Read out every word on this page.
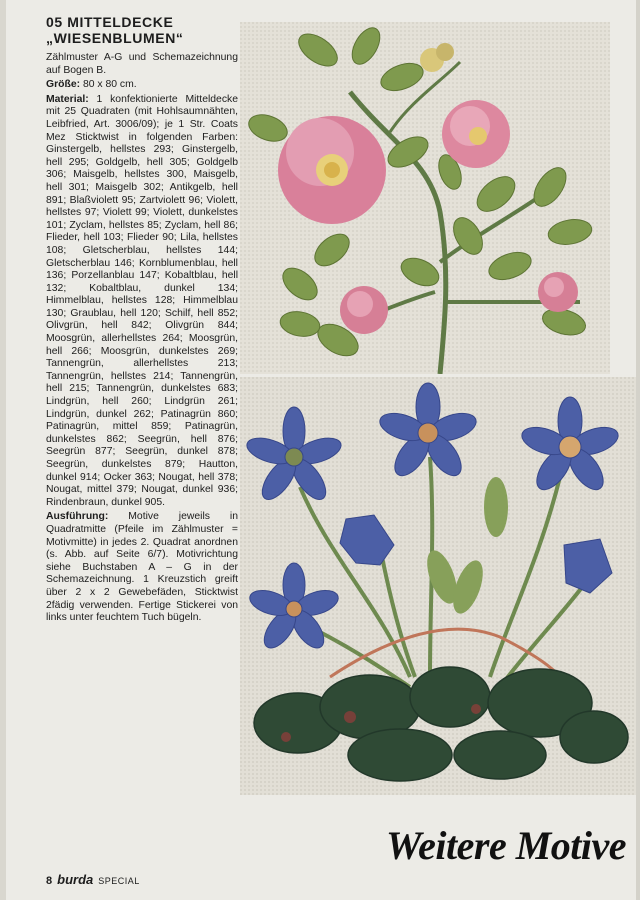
05 MITTELDECKE
„WIESENBLUMEN“

Zählmuster A-G und Schemazeichnung auf Bogen B.

Größe: 80 x 80 cm.

Material: 1 konfektionierte Mitteldecke mit 25 Quadraten (mit Hohlsaumnähten, Leibfried, Art. 3006/09); je 1 Str. Coats Mez Sticktwist in folgenden Farben: Ginstergelb, hellstes 293; Ginstergelb, hell 295; Goldgelb, hell 305; Goldgelb 306; Maisgelb, hellstes 300, Maisgelb, hell 301; Maisgelb 302; Antikgelb, hell 891; Blaßviolett 95; Zartviolett 96; Violett, hellstes 97; Violett 99; Violett, dunkelstes 101; Zyclam, hellstes 85; Zyclam, hell 86; Flieder, hell 103; Flieder 90; Lila, hellstes 108; Gletscherblau, hellstes 144; Gletscherblau 146; Kornblumenblau, hell 136; Porzellanblau 147; Kobaltblau, hell 132; Kobaltblau, dunkel 134; Himmelblau, hellstes 128; Himmelblau 130; Graublau, hell 120; Schilf, hell 852; Olivgrün, hell 842; Olivgrün 844; Moosgrün, allerhellstes 264; Moosgrün, hell 266; Moosgrün, dunkelstes 269; Tannengrün, allerhellstes 213; Tannengrün, hellstes 214; Tannengrün, hell 215; Tannengrün, dunkelstes 683; Lindgrün, hell 260; Lindgrün 261; Lindgrün, dunkel 262; Patinagrün 860; Patinagrün, mittel 859; Patinagrün, dunkelstes 862; Seegrün, hell 876; Seegrün 877; Seegrün, dunkel 878; Seegrün, dunkelstes 879; Hautton, dunkel 914; Ocker 363; Nougat, hell 378; Nougat, mittel 379; Nougat, dunkel 936; Rindenbraun, dunkel 905.

Ausführung: Motive jeweils in Quadratmitte (Pfeile im Zählmuster = Motivmitte) in jedes 2. Quadrat anordnen (s. Abb. auf Seite 6/7). Motivrichtung siehe Buchstaben A – G in der Schemazeichnung. 1 Kreuzstich greift über 2 x 2 Gewebefäden, Sticktwist 2fädig verwenden. Fertige Stickerei von links unter feuchtem Tuch bügeln.

Weitere Motive
8 burda SPECIAL
